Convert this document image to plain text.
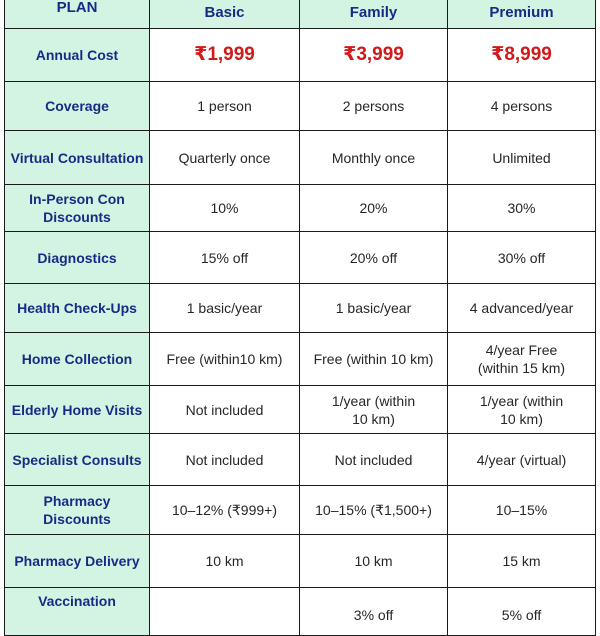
PLAN	Basic	Family	Premium

Annual Cost	₹1,999	₹3,999	₹8,999
Coverage	1 person	2 persons	4 persons
Virtual Consultation	Quarterly once	Monthly once	Unlimited
In-Person Con Discounts	10%	20%	30%
Diagnostics	15% off	20% off	30% off
Health Check-Ups	1 basic/year	1 basic/year	4 advanced/year
Home Collection	Free (within10 km)	Free (within 10 km)	4/year Free (within 15 km)
Elderly Home Visits	Not included	1/year (within 10 km)	1/year (within 10 km)
Specialist Consults	Not included	Not included	4/year (virtual)
Pharmacy Discounts	10–12% (₹999+)	10–15% (₹1,500+)	10–15%
Pharmacy Delivery	10 km	10 km	15 km
Vaccination		3% off	5% off
